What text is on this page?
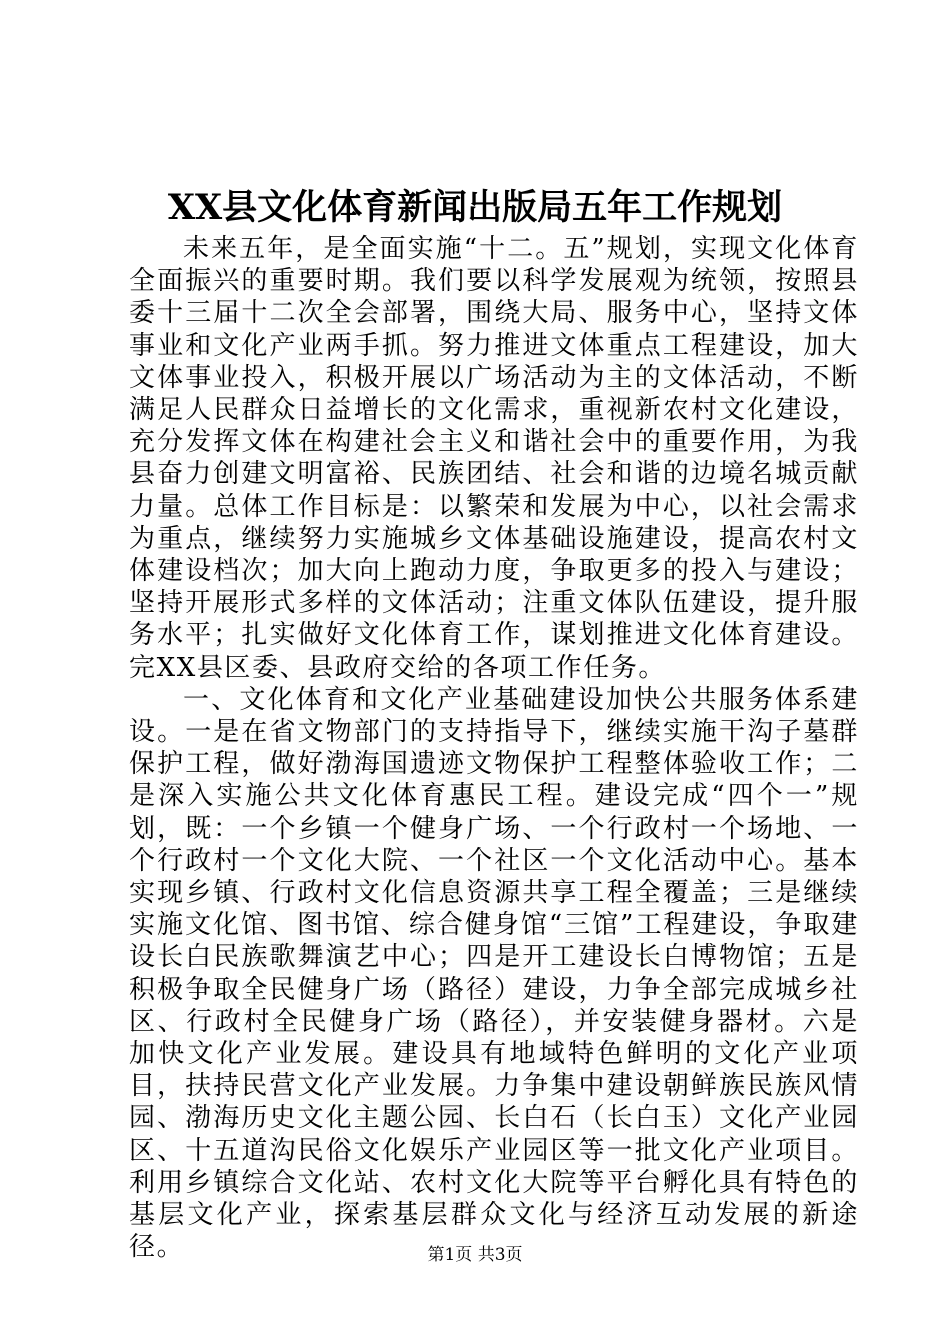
XX县文化体育新闻出版局五年工作规划

未来五年，是全面实施“十二。五”规划，实现文化体育全面振兴的重要时期。我们要以科学发展观为统领，按照县委十三届十二次全会部署，围绕大局、服务中心，坚持文体事业和文化产业两手抓。努力推进文体重点工程建设，加大文体事业投入，积极开展以广场活动为主的文体活动，不断满足人民群众日益增长的文化需求，重视新农村文化建设，充分发挥文体在构建社会主义和谐社会中的重要作用，为我县奋力创建文明富裕、民族团结、社会和谐的边境名城贡献力量。总体工作目标是：以繁荣和发展为中心，以社会需求为重点，继续努力实施城乡文体基础设施建设，提高农村文体建设档次；加大向上跑动力度，争取更多的投入与建设；坚持开展形式多样的文体活动；注重文体队伍建设，提升服务水平；扎实做好文化体育工作，谋划推进文化体育建设。完XX县区委、县政府交给的各项工作任务。

一、文化体育和文化产业基础建设加快公共服务体系建设。一是在省文物部门的支持指导下，继续实施干沟子墓群保护工程，做好渤海国遗迹文物保护工程整体验收工作；二是深入实施公共文化体育惠民工程。建设完成“四个一”规划，既：一个乡镇一个健身广场、一个行政村一个场地、一个行政村一个文化大院、一个社区一个文化活动中心。基本实现乡镇、行政村文化信息资源共享工程全覆盖；三是继续实施文化馆、图书馆、综合健身馆“三馆”工程建设，争取建设长白民族歌舞演艺中心；四是开工建设长白博物馆；五是积极争取全民健身广场（路径）建设，力争全部完成城乡社区、行政村全民健身广场（路径），并安装健身器材。六是加快文化产业发展。建设具有地域特色鲜明的文化产业项目，扶持民营文化产业发展。力争集中建设朝鲜族民族风情园、渤海历史文化主题公园、长白石（长白玉）文化产业园区、十五道沟民俗文化娱乐产业园区等一批文化产业项目。利用乡镇综合文化站、农村文化大院等平台孵化具有特色的基层文化产业，探索基层群众文化与经济互动发展的新途径。	第1页 共3页
